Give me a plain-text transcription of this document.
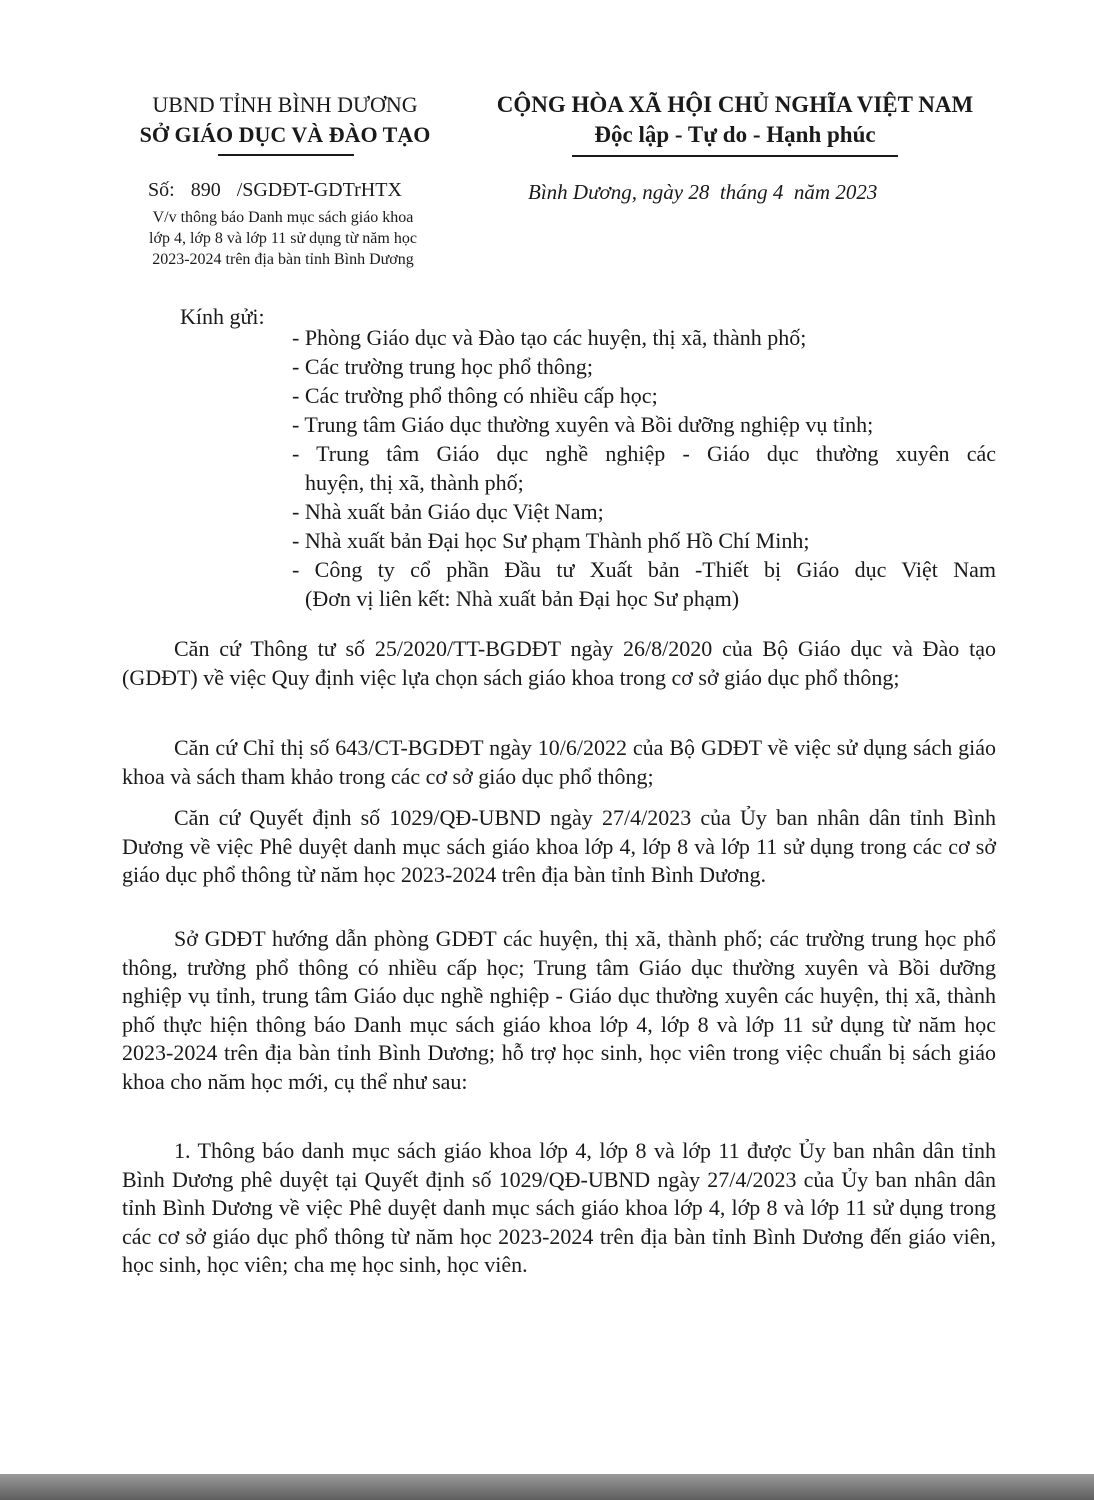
UBND TỈNH BÌNH DƯƠNG
SỞ GIÁO DỤC VÀ ĐÀO TẠO
CỘNG HÒA XÃ HỘI CHỦ NGHĨA VIỆT NAM
Độc lập - Tự do - Hạnh phúc
Số: 890 /SGDĐT-GDTrHTX
V/v thông báo Danh mục sách giáo khoa
lớp 4, lớp 8 và lớp 11 sử dụng từ năm học
2023-2024 trên địa bàn tỉnh Bình Dương
Bình Dương, ngày 28 tháng 4 năm 2023
Kính gửi:
- Phòng Giáo dục và Đào tạo các huyện, thị xã, thành phố;
- Các trường trung học phổ thông;
- Các trường phổ thông có nhiều cấp học;
- Trung tâm Giáo dục thường xuyên và Bồi dưỡng nghiệp vụ tỉnh;
- Trung tâm Giáo dục nghề nghiệp - Giáo dục thường xuyên các
huyện, thị xã, thành phố;
- Nhà xuất bản Giáo dục Việt Nam;
- Nhà xuất bản Đại học Sư phạm Thành phố Hồ Chí Minh;
- Công ty cổ phần Đầu tư Xuất bản -Thiết bị Giáo dục Việt Nam
(Đơn vị liên kết: Nhà xuất bản Đại học Sư phạm)

Căn cứ Thông tư số 25/2020/TT-BGDĐT ngày 26/8/2020 của Bộ Giáo dục và Đào tạo (GDĐT) về việc Quy định việc lựa chọn sách giáo khoa trong cơ sở giáo dục phổ thông;

Căn cứ Chỉ thị số 643/CT-BGDĐT ngày 10/6/2022 của Bộ GDĐT về việc sử dụng sách giáo khoa và sách tham khảo trong các cơ sở giáo dục phổ thông;

Căn cứ Quyết định số 1029/QĐ-UBND ngày 27/4/2023 của Ủy ban nhân dân tỉnh Bình Dương về việc Phê duyệt danh mục sách giáo khoa lớp 4, lớp 8 và lớp 11 sử dụng trong các cơ sở giáo dục phổ thông từ năm học 2023-2024 trên địa bàn tỉnh Bình Dương.

Sở GDĐT hướng dẫn phòng GDĐT các huyện, thị xã, thành phố; các trường trung học phổ thông, trường phổ thông có nhiều cấp học; Trung tâm Giáo dục thường xuyên và Bồi dưỡng nghiệp vụ tỉnh, trung tâm Giáo dục nghề nghiệp - Giáo dục thường xuyên các huyện, thị xã, thành phố thực hiện thông báo Danh mục sách giáo khoa lớp 4, lớp 8 và lớp 11 sử dụng từ năm học 2023-2024 trên địa bàn tỉnh Bình Dương; hỗ trợ học sinh, học viên trong việc chuẩn bị sách giáo khoa cho năm học mới, cụ thể như sau:

1. Thông báo danh mục sách giáo khoa lớp 4, lớp 8 và lớp 11 được Ủy ban nhân dân tỉnh Bình Dương phê duyệt tại Quyết định số 1029/QĐ-UBND ngày 27/4/2023 của Ủy ban nhân dân tỉnh Bình Dương về việc Phê duyệt danh mục sách giáo khoa lớp 4, lớp 8 và lớp 11 sử dụng trong các cơ sở giáo dục phổ thông từ năm học 2023-2024 trên địa bàn tỉnh Bình Dương đến giáo viên, học sinh, học viên; cha mẹ học sinh, học viên.
